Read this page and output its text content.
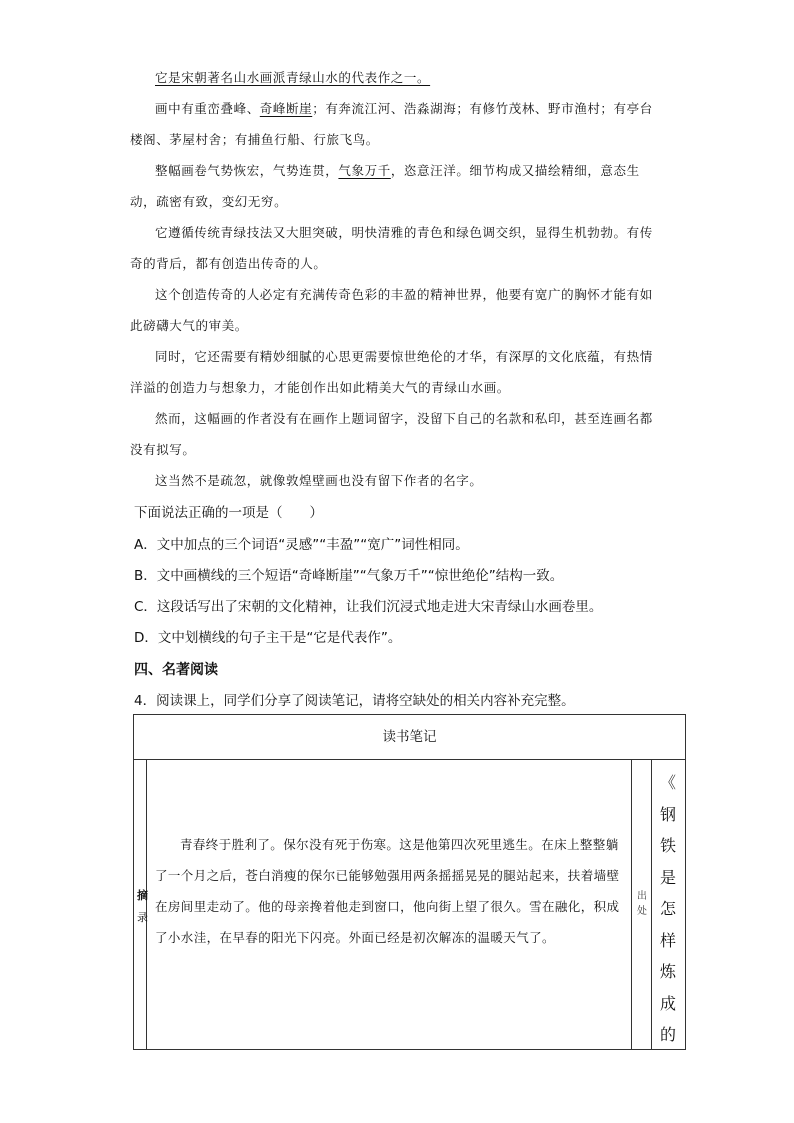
它是宋朝著名山水画派青绿山水的代表作之一。

画中有重峦叠峰、奇峰断崖；有奔流江河、浩淼湖海；有修竹茂林、野市渔村；有亭台楼阁、茅屋村舍；有捕鱼行船、行旅飞鸟。

整幅画卷气势恢宏，气势连贯，气象万千，恣意汪洋。细节构成又描绘精细，意态生动，疏密有致，变幻无穷。

它遵循传统青绿技法又大胆突破，明快清雅的青色和绿色调交织，显得生机勃勃。有传奇的背后，都有创造出传奇的人。

这个创造传奇的人必定有充满传奇色彩的丰盈的精神世界，他要有宽广的胸怀才能有如此磅礴大气的审美。

同时，它还需要有精妙细腻的心思更需要惊世绝伦的才华，有深厚的文化底蕴，有热情洋溢的创造力与想象力，才能创作出如此精美大气的青绿山水画。

然而，这幅画的作者没有在画作上题词留字，没留下自己的名款和私印，甚至连画名都没有拟写。

这当然不是疏忽，就像敦煌壁画也没有留下作者的名字。

下面说法正确的一项是（　　）
A．文中加点的三个词语“灵感”“丰盈”“宽广”词性相同。
B．文中画横线的三个短语“奇峰断崖”“气象万千”“惊世绝伦”结构一致。
C．这段话写出了宋朝的文化精神，让我们沉浸式地走进大宋青绿山水画卷里。
D．文中划横线的句子主干是“它是代表作”。
四、名著阅读
4．阅读课上，同学们分享了阅读笔记，请将空缺处的相关内容补充完整。
读书笔记
摘
录

青春终于胜利了。保尔没有死于伤寒。这是他第四次死里逃生。在床上整整躺了一个月之后，苍白消瘦的保尔已能够勉强用两条摇摇晃晃的腿站起来，扶着墙壁在房间里走动了。他的母亲搀着他走到窗口，他向街上望了很久。雪在融化，积成了小水洼，在早春的阳光下闪亮。外面已经是初次解冻的温暖天气了。

出处
《
钢
铁
是
怎
样
炼
成
的
